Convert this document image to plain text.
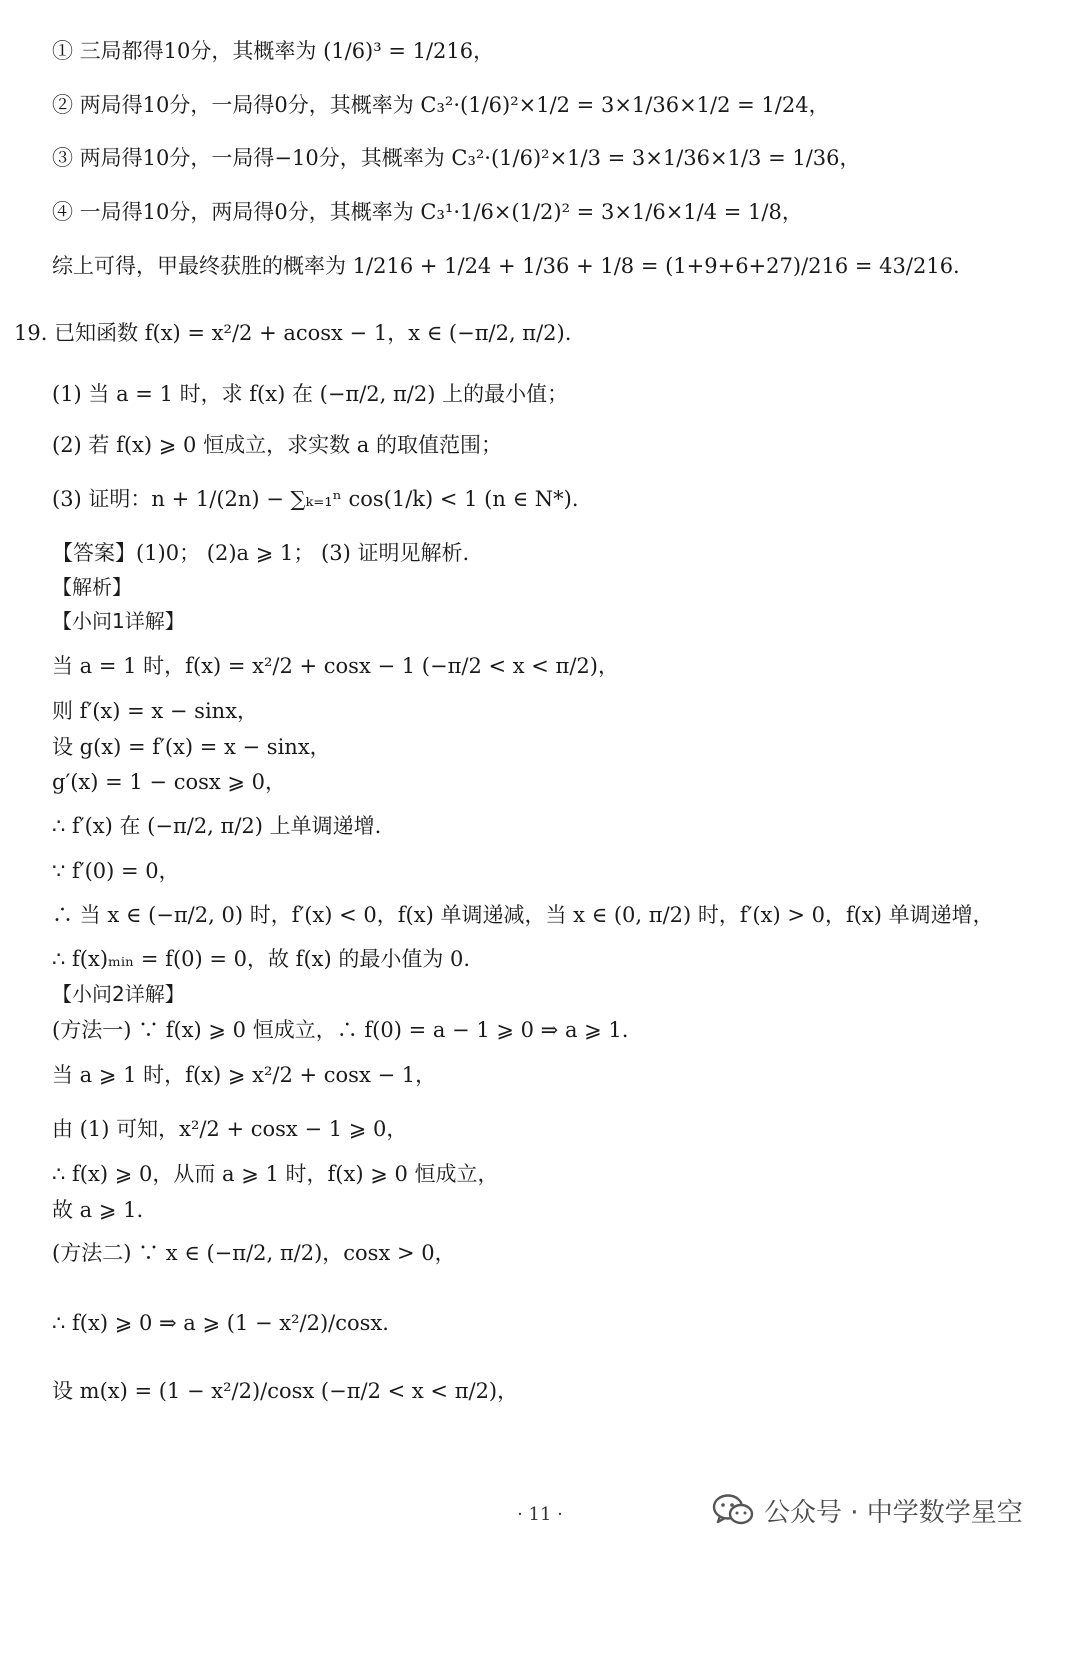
① 三局都得10分，其概率为 (1/6)³ = 1/216，
② 两局得10分，一局得0分，其概率为 C₃²·(1/6)²×1/2 = 3×1/36×1/2 = 1/24，
③ 两局得10分，一局得−10分，其概率为 C₃²·(1/6)²×1/3 = 3×1/36×1/3 = 1/36，
④ 一局得10分，两局得0分，其概率为 C₃¹·1/6×(1/2)² = 3×1/6×1/4 = 1/8，
综上可得，甲最终获胜的概率为 1/216 + 1/24 + 1/36 + 1/8 = (1+9+6+27)/216 = 43/216.
19. 已知函数 f(x) = x²/2 + acosx − 1，x ∈ (−π/2, π/2).
(1) 当 a = 1 时，求 f(x) 在 (−π/2, π/2) 上的最小值；
(2) 若 f(x) ⩾ 0 恒成立，求实数 a 的取值范围；
(3) 证明：n + 1/(2n) − ∑ₖ₌₁ⁿ cos(1/k) < 1 (n ∈ N*).
【答案】(1)0； (2)a ⩾ 1； (3) 证明见解析.
【解析】
【小问1详解】
当 a = 1 时，f(x) = x²/2 + cosx − 1 (−π/2 < x < π/2)，
则 f′(x) = x − sinx，
设 g(x) = f′(x) = x − sinx，
g′(x) = 1 − cosx ⩾ 0，
∴ f′(x) 在 (−π/2, π/2) 上单调递增.
∵ f′(0) = 0，
∴ 当 x ∈ (−π/2, 0) 时，f′(x) < 0，f(x) 单调递减，当 x ∈ (0, π/2) 时，f′(x) > 0，f(x) 单调递增，
∴ f(x)ₘᵢₙ = f(0) = 0，故 f(x) 的最小值为 0.
【小问2详解】
(方法一) ∵ f(x) ⩾ 0 恒成立，∴ f(0) = a − 1 ⩾ 0 ⇒ a ⩾ 1.
当 a ⩾ 1 时，f(x) ⩾ x²/2 + cosx − 1，
由 (1) 可知，x²/2 + cosx − 1 ⩾ 0，
∴ f(x) ⩾ 0，从而 a ⩾ 1 时，f(x) ⩾ 0 恒成立，
故 a ⩾ 1.
(方法二) ∵ x ∈ (−π/2, π/2)，cosx > 0，
∴ f(x) ⩾ 0 ⇒ a ⩾ (1 − x²/2)/cosx.
设 m(x) = (1 − x²/2)/cosx (−π/2 < x < π/2)，
· 11 ·	公众号 · 中学数学星空
